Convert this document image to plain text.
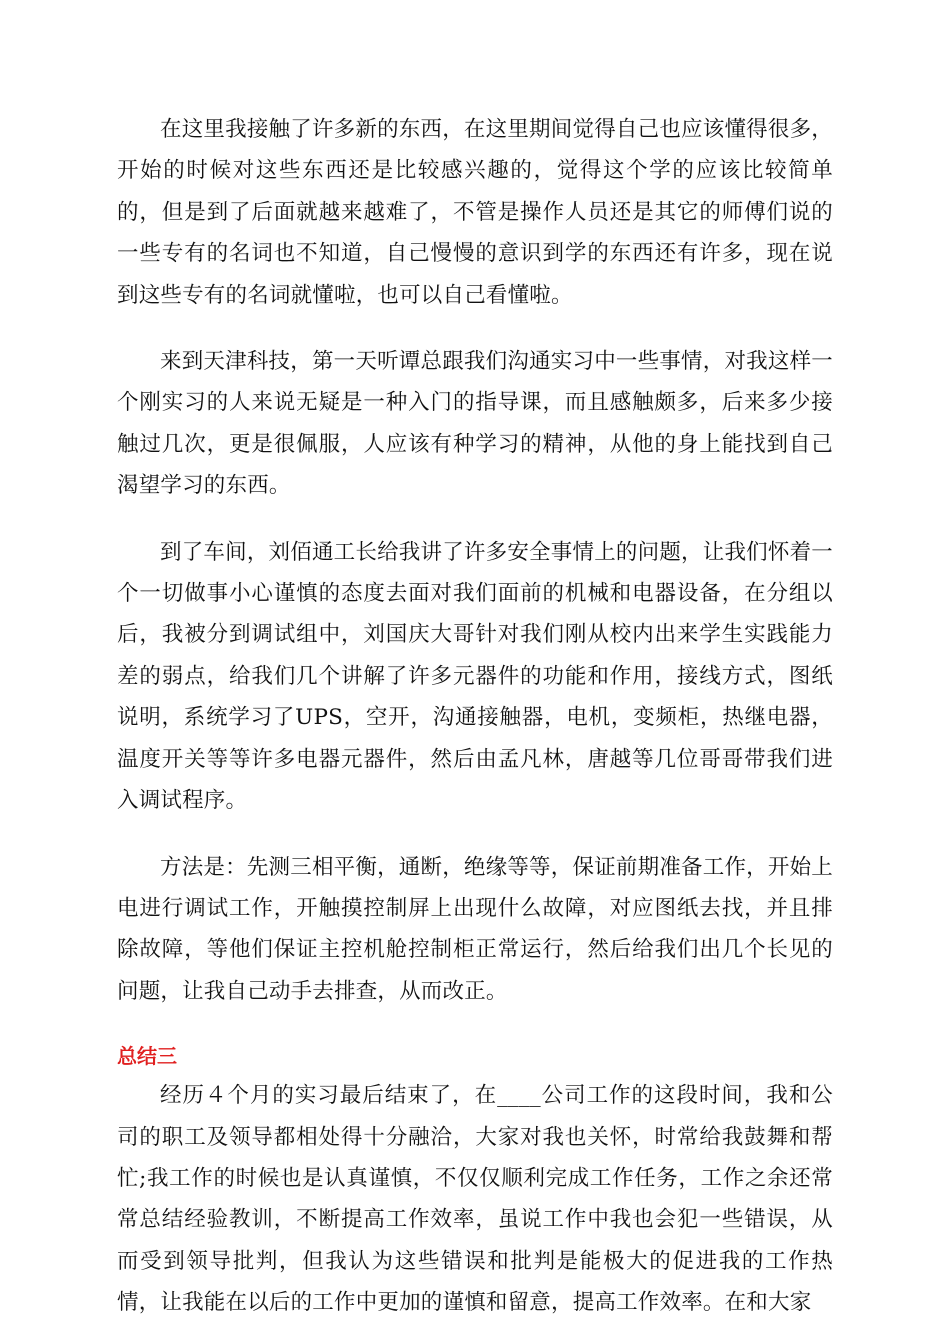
在这里我接触了许多新的东西，在这里期间觉得自己也应该懂得很多，开始的时候对这些东西还是比较感兴趣的，觉得这个学的应该比较简单的，但是到了后面就越来越难了，不管是操作人员还是其它的师傅们说的一些专有的名词也不知道，自己慢慢的意识到学的东西还有许多，现在说到这些专有的名词就懂啦，也可以自己看懂啦。

来到天津科技，第一天听谭总跟我们沟通实习中一些事情，对我这样一个刚实习的人来说无疑是一种入门的指导课，而且感触颇多，后来多少接触过几次，更是很佩服，人应该有种学习的精神，从他的身上能找到自己渴望学习的东西。

到了车间，刘佰通工长给我讲了许多安全事情上的问题，让我们怀着一个一切做事小心谨慎的态度去面对我们面前的机械和电器设备，在分组以后，我被分到调试组中，刘国庆大哥针对我们刚从校内出来学生实践能力差的弱点，给我们几个讲解了许多元器件的功能和作用，接线方式，图纸说明，系统学习了UPS，空开，沟通接触器，电机，变频柜，热继电器，温度开关等等许多电器元器件，然后由孟凡林，唐越等几位哥哥带我们进入调试程序。

方法是：先测三相平衡，通断，绝缘等等，保证前期准备工作，开始上电进行调试工作，开触摸控制屏上出现什么故障，对应图纸去找，并且排除故障，等他们保证主控机舱控制柜正常运行，然后给我们出几个长见的问题，让我自己动手去排查，从而改正。

总结三

经历４个月的实习最后结束了，在____公司工作的这段时间，我和公司的职工及领导都相处得十分融洽，大家对我也关怀，时常给我鼓舞和帮忙;我工作的时候也是认真谨慎，不仅仅顺利完成工作任务，工作之余还常常总结经验教训，不断提高工作效率，虽说工作中我也会犯一些错误，从而受到领导批判，但我认为这些错误和批判是能极大的促进我的工作热情，让我能在以后的工作中更加的谨慎和留意，提高工作效率。在和大家
